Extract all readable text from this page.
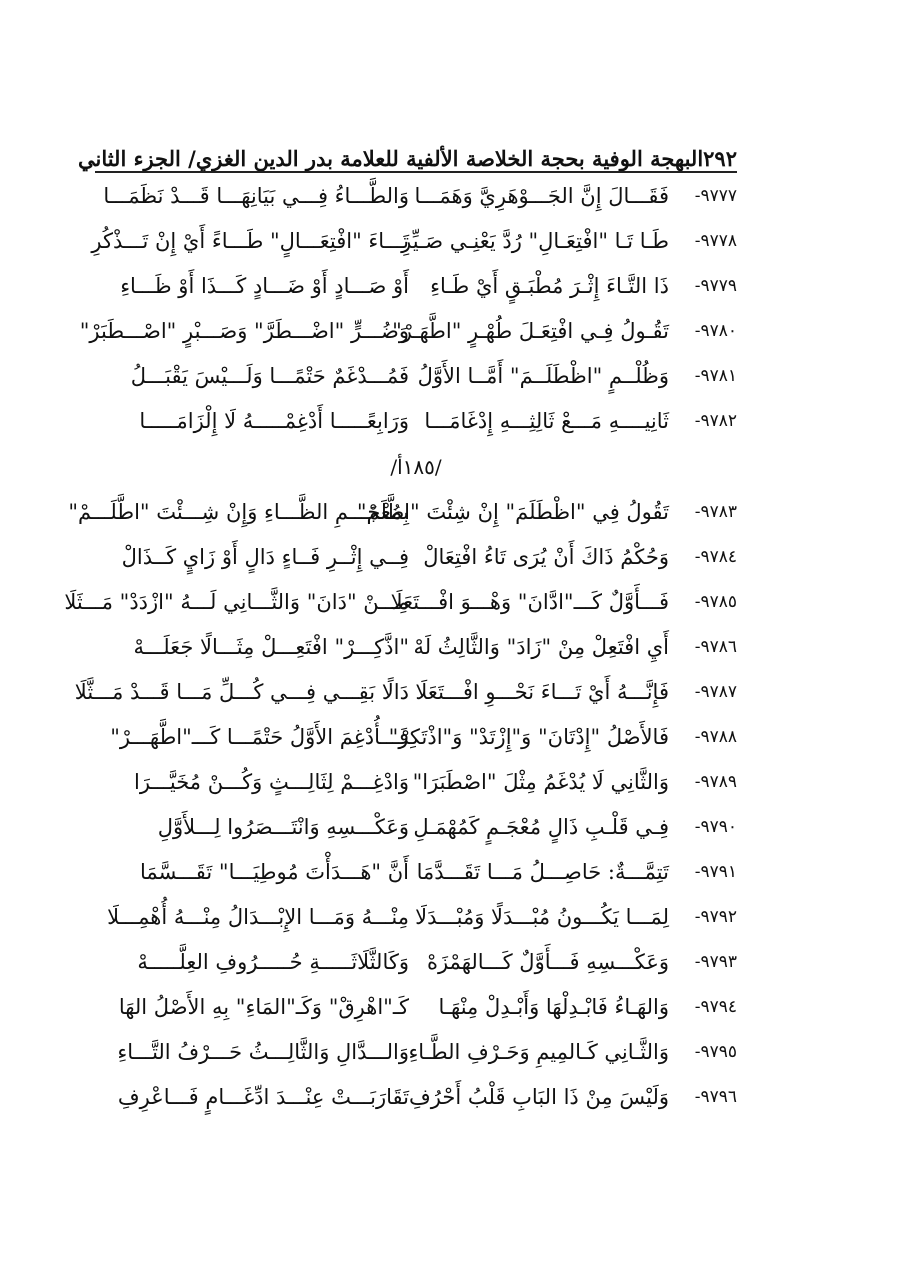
٢٩٢
البهجة الوفية بحجة الخلاصة الألفية للعلامة بدر الدين الغزي/ الجزء الثاني
٩٧٧٧-
فَقَـــالَ إِنَّ الجَـــوْهَرِيَّ وَهَمَـــا
وَالطَّـــاءُ فِـــي بَيَانِهَـــا قَـــدْ نَظَمَـــا
٩٧٧٨-
طَـا تَـا "افْتِعَـالِ" رُدَّ يَعْنِـي صَـيِّرِ
تَـــاءَ "افْتِعَـــالٍ" طَـــاءً أَيْ إِنْ تَـــذْكُرِ
٩٧٧٩-
ذَا التَّـاءَ إِثْـرَ مُطْبَـقٍ أَيْ طَـاءِ
أَوْ صَـــادٍ أَوْ ضَـــادٍ كَـــذَا أَوْ ظَـــاءِ
٩٧٨٠-
تَقُـولُ فِـي افْتِعَـلَ طُهْـرٍ "اطَّهَـرْ"
وَضُـــرٍّ "اضْـــطَرَّ" وَصَـــبْرٍ "اصْـــطَبَرْ"
٩٧٨١-
وَظُلْــمٍ "اظْطَلَــمَ" أَمَّــا الأَوَّلُ
فَمُـــدْغَمٌ حَتْمًـــا وَلَـــيْسَ يَقْبَـــلُ
٩٧٨٢-
ثَانِيــــهِ مَـــعْ ثَالِثِـــهِ إِدْغَامَـــا
وَرَابِعًـــــا أَدْغِمْـــــهُ لَا إِلْزَامَـــــا
/١٨٥أ/
٩٧٨٣-
تَقُولُ فِي "اظْطَلَمَ" إِنْ شِئْتَ "اظَّلَمْ"
بِمُعْجَـــمِ الظَّـــاءِ وَإِنْ شِـــئْتَ "اطَّلَـــمْ"
٩٧٨٤-
وَحُكْمُ ذَاكَ أَنْ يُرَى تَاءُ افْتِعَالْ
فِــي إِثْــرِ فَــاءٍ دَالٍ أَوْ زَايٍ كَــذَالْ
٩٧٨٥-
فَـــأَوَّلٌ كَـــ"ادَّانَ" وَهْـــوَ افْـــتَعَلَا
مِـــنْ "دَانَ" وَالثَّـــانِي لَـــهُ "ازْدَدْ" مَـــثَلَا
٩٧٨٦-
أَيِ افْتَعِلْ مِنْ "زَادَ" وَالثَّالِثُ لَهْ
"اذَّكِـــرْ" افْتَعِـــلْ مِثَـــالًا جَعَلَـــهْ
٩٧٨٧-
فَإِنَّـــهُ أَيْ تَـــاءَ نَحْـــوِ افْـــتَعَلَا
دَالًا بَقِـــي فِـــي كُـــلِّ مَـــا قَـــدْ مَـــثَّلَا
٩٧٨٨-
فَالأَصْلُ "إِدْتَانَ" وَ"إِزْتَدْ" وَ"اذْتَكِرْ"
فَـــأُدْغِمَ الأَوَّلُ حَتْمًـــا كَـــ"اطَّهَـــرْ"
٩٧٨٩-
وَالثَّانِي لَا يُدْغَمُ مِثْلَ "اصْطَبَرَا"
وَادْغِـــمْ لِثَالِـــثٍ وَكُـــنْ مُخَيَّـــرَا
٩٧٩٠-
فِـي قَلْـبِ ذَالٍ مُعْجَـمٍ كَمُهْمَـلِ
وَعَكْـــسِهِ وَانْتَـــصَرُوا لِـــلأَوَّلِ
٩٧٩١-
تَتِمَّـــةٌ: حَاصِـــلُ مَـــا تَقَـــدَّمَا
أَنَّ "هَـــدَأْتَ مُوطِيَـــا" تَقَـــسَّمَا
٩٧٩٢-
لِمَـــا يَكُـــونُ مُبْـــدَلًا وَمُبْـــدَلَا
مِنْـــهُ وَمَـــا الإِبْـــدَالُ مِنْـــهُ أُهْمِـــلَا
٩٧٩٣-
وَعَكْـــسِهِ فَـــأَوَّلٌ كَـــالهَمْزَهْ
وَكَالثَّلَاثَـــــةِ حُـــــرُوفِ العِلَّـــــهْ
٩٧٩٤-
وَالهَـاءُ فَابْـدِلْهَا وَأَبْـدِلْ مِنْهَـا
كَـ"اهْرِقْ" وَكَـ"المَاءِ" بِهِ الأَصْلُ الهَا
٩٧٩٥-
وَالثَّـانِي كَـالمِيمِ وَحَـرْفِ الطَّـاءِ
وَالـــدَّالِ وَالثَّالِـــثُ حَـــرْفُ التَّـــاءِ
٩٧٩٦-
وَلَيْسَ مِنْ ذَا البَابِ قَلْبُ أَحْرُفِ
تَقَارَبَـــتْ عِنْـــدَ ادِّغَـــامٍ فَـــاعْرِفِ
